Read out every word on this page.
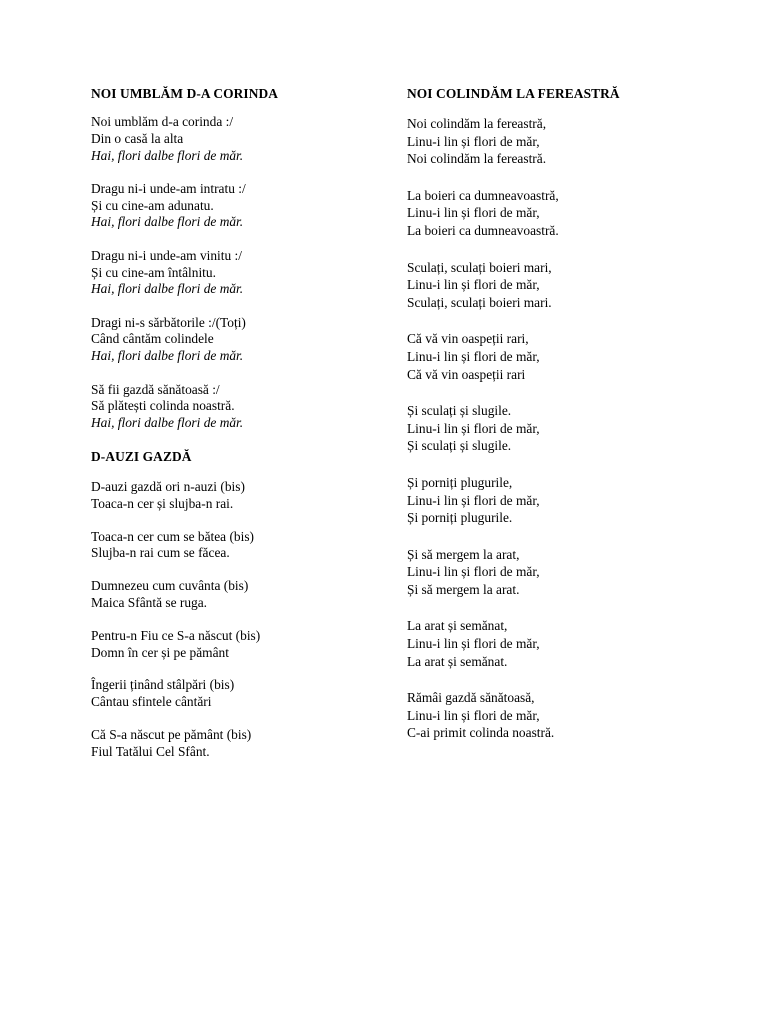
NOI UMBLĂM D-A CORINDA
Noi umblăm d-a corinda :/
Din o casă la alta
Hai, flori dalbe flori de măr.
Dragu ni-i unde-am intratu :/
Și cu cine-am adunatu.
Hai, flori dalbe flori de măr.
Dragu ni-i unde-am vinitu :/
Și cu cine-am întâlnitu.
Hai, flori dalbe flori de măr.
Dragi ni-s sărbătorile :/(Toți)
Când cântăm colindele
Hai, flori dalbe flori de măr.
Să fii gazdă sănătoasă :/
Să plătești colinda noastră.
Hai, flori dalbe flori de măr.
D-AUZI GAZDĂ
D-auzi gazdă ori n-auzi (bis)
Toaca-n cer și slujba-n rai.
Toaca-n cer cum se bătea (bis)
Slujba-n rai cum se făcea.
Dumnezeu cum cuvânta (bis)
Maica Sfântă se ruga.
Pentru-n Fiu ce S-a născut (bis)
Domn în cer și pe pământ
Îngerii ținând stâlpări (bis)
Cântau sfintele cântări
Că S-a născut pe pământ (bis)
Fiul Tatălui Cel Sfânt.
NOI COLINDĂM LA FEREASTRĂ
Noi colindăm la fereastră,
Linu-i lin și flori de măr,
Noi colindăm la fereastră.
La boieri ca dumneavoastră,
Linu-i lin și flori de măr,
La boieri ca dumneavoastră.
Sculați, sculați boieri mari,
Linu-i lin și flori de măr,
Sculați, sculați boieri mari.
Că vă vin oaspeții rari,
Linu-i lin și flori de măr,
Că vă vin oaspeții rari
Și sculați și slugile.
Linu-i lin și flori de măr,
Și sculați și slugile.
Și porniți plugurile,
Linu-i lin și flori de măr,
Și porniți plugurile.
Și să mergem la arat,
Linu-i lin și flori de măr,
Și să mergem la arat.
La arat și semănat,
Linu-i lin și flori de măr,
La arat și semănat.
Rămâi gazdă sănătoasă,
Linu-i lin și flori de măr,
C-ai primit colinda noastră.
